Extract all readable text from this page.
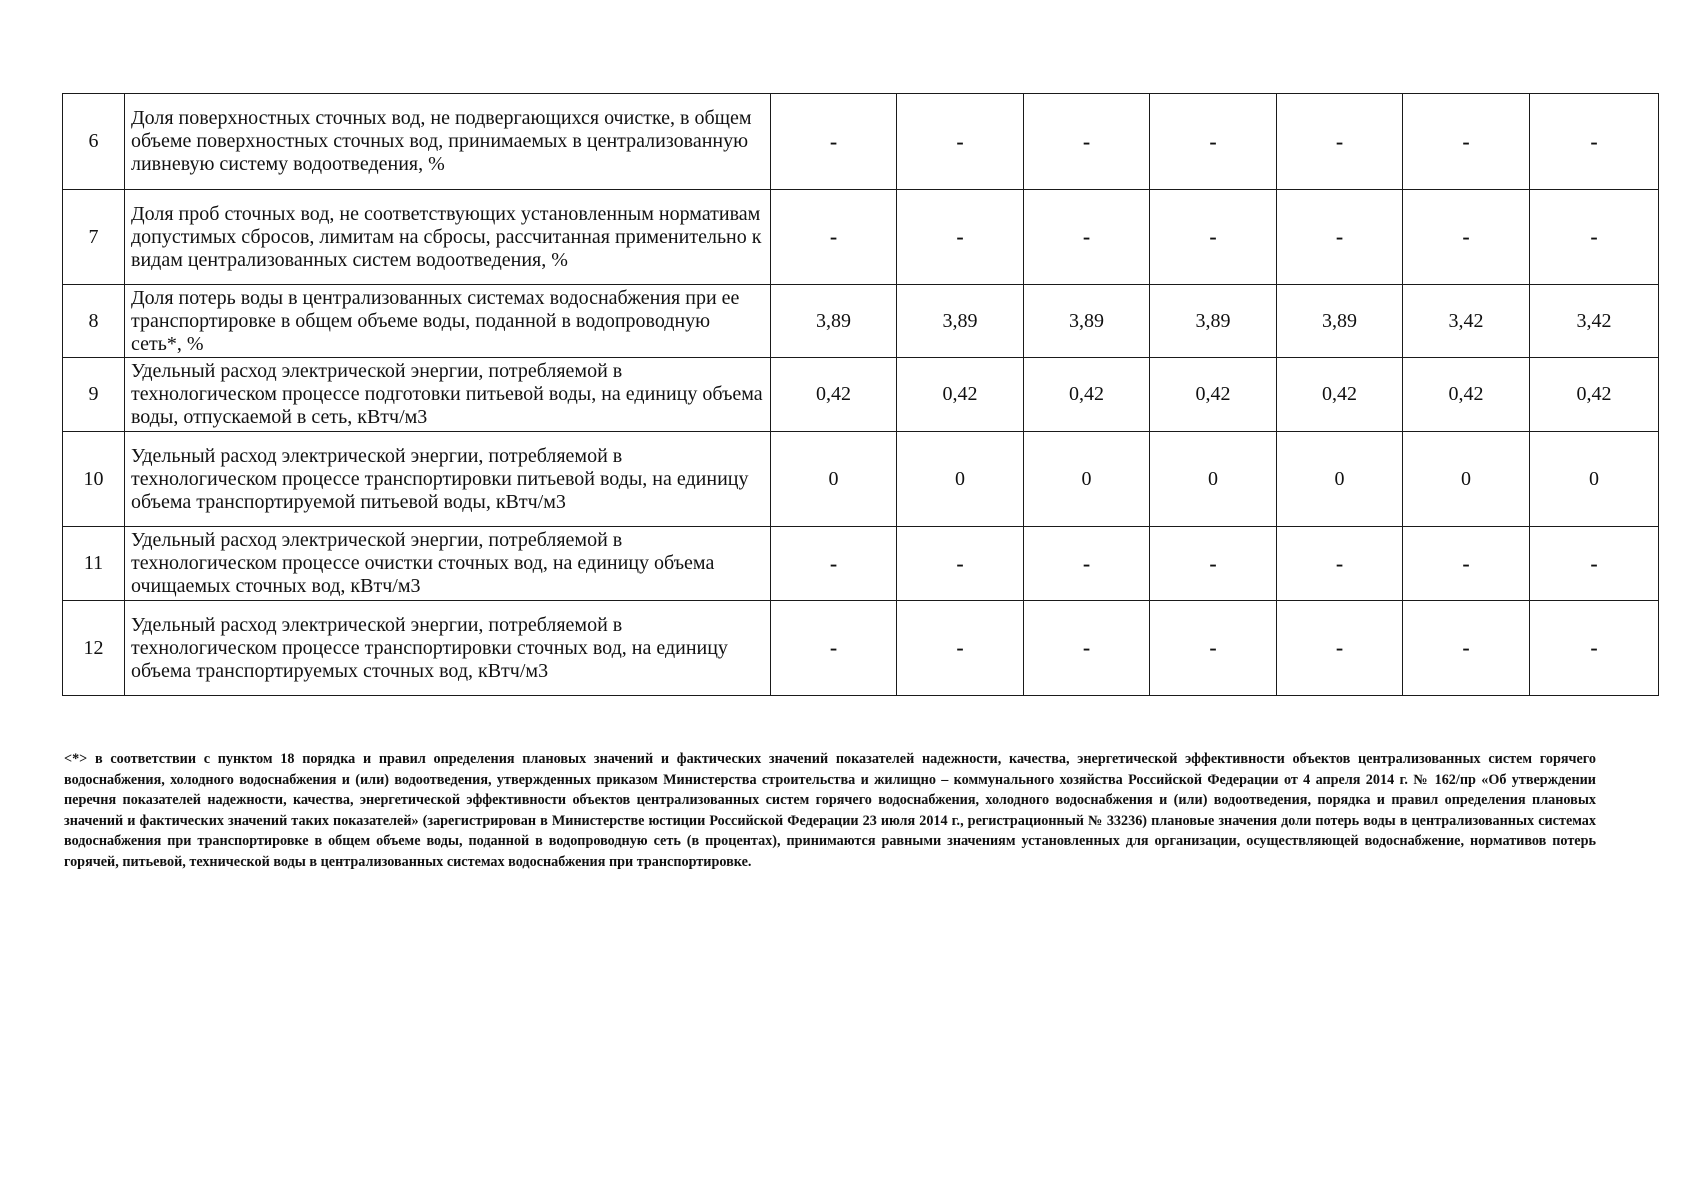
6	Доля поверхностных сточных вод, не подвергающихся очистке, в общем объеме поверхностных сточных вод, принимаемых в централизованную ливневую систему водоотведения, %	-	-	-	-	-	-	-
7	Доля проб сточных вод, не соответствующих установленным нормативам допустимых сбросов, лимитам на сбросы, рассчитанная применительно к видам централизованных систем водоотведения, %	-	-	-	-	-	-	-
8	Доля потерь воды в централизованных системах водоснабжения при ее транспортировке в общем объеме воды, поданной в водопроводную сеть*, %	3,89	3,89	3,89	3,89	3,89	3,42	3,42
9	Удельный расход электрической энергии, потребляемой в технологическом процессе подготовки питьевой воды, на единицу объема воды, отпускаемой в сеть, кВтч/м3	0,42	0,42	0,42	0,42	0,42	0,42	0,42
10	Удельный расход электрической энергии, потребляемой в технологическом процессе транспортировки питьевой воды, на единицу объема транспортируемой питьевой воды, кВтч/м3	0	0	0	0	0	0	0
11	Удельный расход электрической энергии, потребляемой в технологическом процессе очистки сточных вод, на единицу объема очищаемых сточных вод, кВтч/м3	-	-	-	-	-	-	-
12	Удельный расход электрической энергии, потребляемой в технологическом процессе транспортировки сточных вод, на единицу объема транспортируемых сточных вод, кВтч/м3	-	-	-	-	-	-	-
<*> в соответствии с пунктом 18 порядка и правил определения плановых значений и фактических значений показателей надежности, качества, энергетической эффективности объектов централизованных систем горячего водоснабжения, холодного водоснабжения и (или) водоотведения, утвержденных приказом Министерства строительства и жилищно – коммунального хозяйства Российской Федерации от 4 апреля 2014 г. № 162/пр «Об утверждении перечня показателей надежности, качества, энергетической эффективности объектов централизованных систем горячего водоснабжения, холодного водоснабжения и (или) водоотведения, порядка и правил определения плановых значений и фактических значений таких показателей» (зарегистрирован в Министерстве юстиции Российской Федерации 23 июля 2014 г., регистрационный № 33236) плановые значения доли потерь воды в централизованных системах водоснабжения при транспортировке в общем объеме воды, поданной в водопроводную сеть (в процентах), принимаются равными значениям установленных для организации, осуществляющей водоснабжение, нормативов потерь горячей, питьевой, технической воды в централизованных системах водоснабжения при транспортировке.
